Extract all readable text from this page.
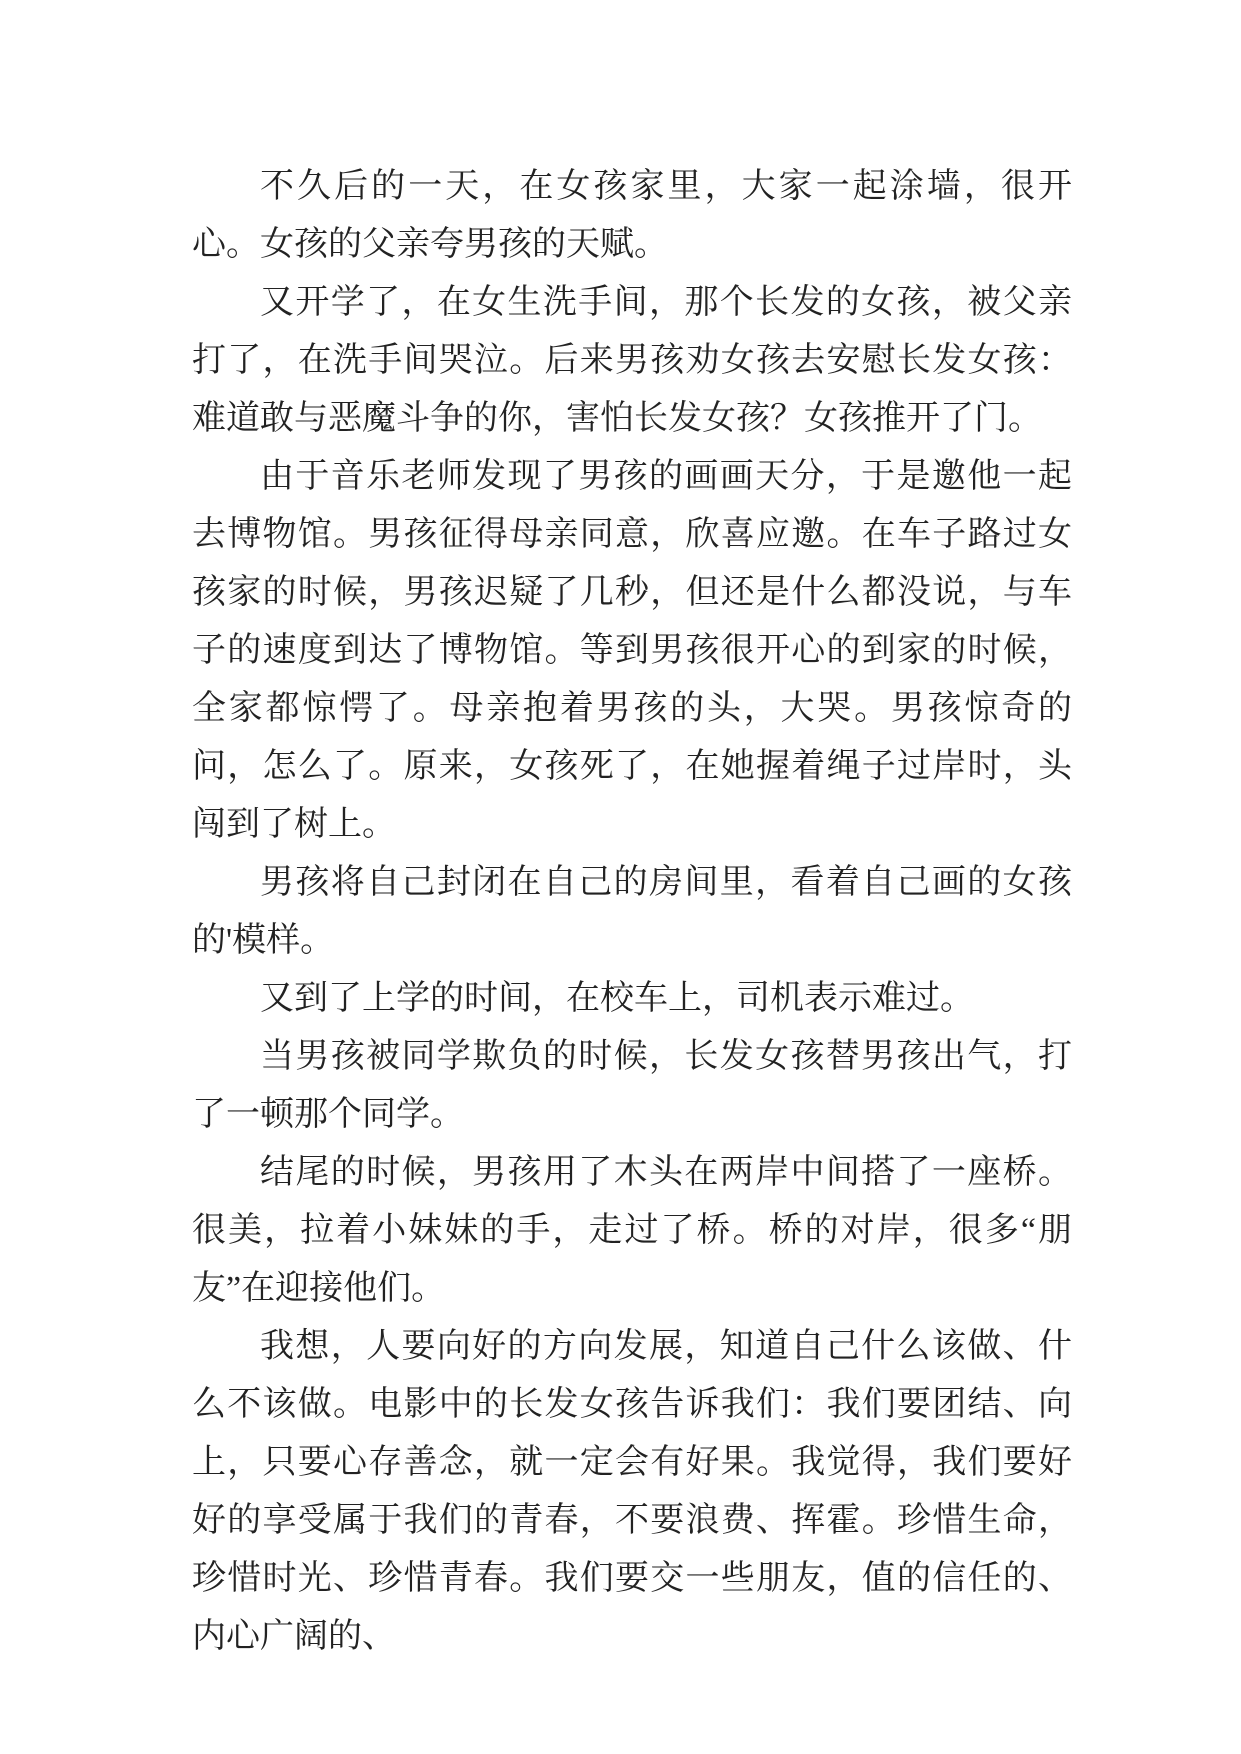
不久后的一天，在女孩家里，大家一起涂墙，很开心。女孩的父亲夸男孩的天赋。

又开学了，在女生洗手间，那个长发的女孩，被父亲打了，在洗手间哭泣。后来男孩劝女孩去安慰长发女孩：难道敢与恶魔斗争的你，害怕长发女孩？女孩推开了门。

由于音乐老师发现了男孩的画画天分，于是邀他一起去博物馆。男孩征得母亲同意，欣喜应邀。在车子路过女孩家的时候，男孩迟疑了几秒，但还是什么都没说，与车子的速度到达了博物馆。等到男孩很开心的到家的时候，全家都惊愕了。母亲抱着男孩的头，大哭。男孩惊奇的问，怎么了。原来，女孩死了，在她握着绳子过岸时，头闯到了树上。

男孩将自己封闭在自己的房间里，看着自己画的女孩的'模样。

又到了上学的时间，在校车上，司机表示难过。

当男孩被同学欺负的时候，长发女孩替男孩出气，打了一顿那个同学。

结尾的时候，男孩用了木头在两岸中间搭了一座桥。很美，拉着小妹妹的手，走过了桥。桥的对岸，很多“朋友”在迎接他们。

我想，人要向好的方向发展，知道自己什么该做、什么不该做。电影中的长发女孩告诉我们：我们要团结、向上，只要心存善念，就一定会有好果。我觉得，我们要好好的享受属于我们的青春，不要浪费、挥霍。珍惜生命，珍惜时光、珍惜青春。我们要交一些朋友，值的信任的、内心广阔的、
